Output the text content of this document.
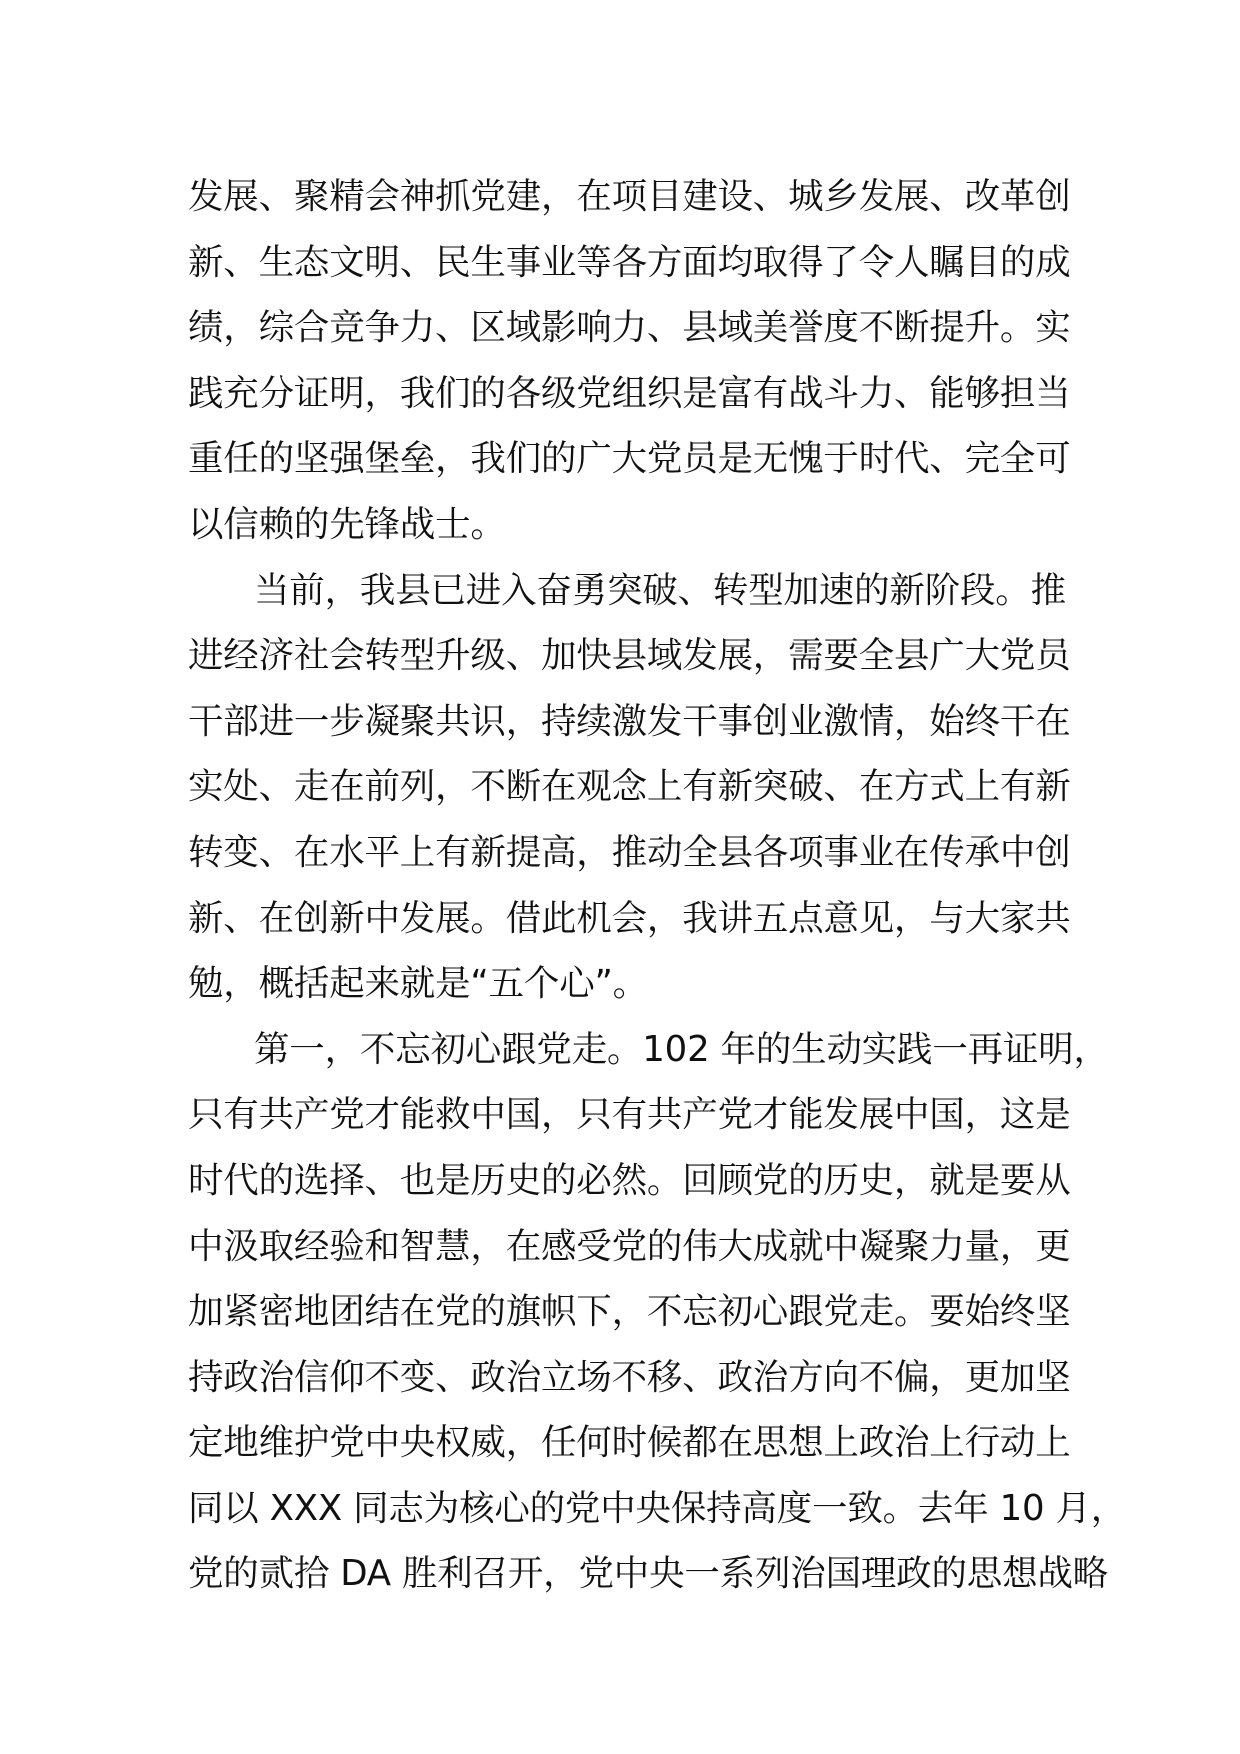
发展、聚精会神抓党建，在项目建设、城乡发展、改革创
新、生态文明、民生事业等各方面均取得了令人瞩目的成
绩，综合竞争力、区域影响力、县域美誉度不断提升。实
践充分证明，我们的各级党组织是富有战斗力、能够担当
重任的坚强堡垒，我们的广大党员是无愧于时代、完全可
以信赖的先锋战士。
当前，我县已进入奋勇突破、转型加速的新阶段。推
进经济社会转型升级、加快县域发展，需要全县广大党员
干部进一步凝聚共识，持续激发干事创业激情，始终干在
实处、走在前列，不断在观念上有新突破、在方式上有新
转变、在水平上有新提高，推动全县各项事业在传承中创
新、在创新中发展。借此机会，我讲五点意见，与大家共
勉，概括起来就是“五个心”。
第一，不忘初心跟党走。102 年的生动实践一再证明，
只有共产党才能救中国，只有共产党才能发展中国，这是
时代的选择、也是历史的必然。回顾党的历史，就是要从
中汲取经验和智慧，在感受党的伟大成就中凝聚力量，更
加紧密地团结在党的旗帜下，不忘初心跟党走。要始终坚
持政治信仰不变、政治立场不移、政治方向不偏，更加坚
定地维护党中央权威，任何时候都在思想上政治上行动上
同以 XXX 同志为核心的党中央保持高度一致。去年 10 月，
党的贰拾 DA 胜利召开，党中央一系列治国理政的思想战略
